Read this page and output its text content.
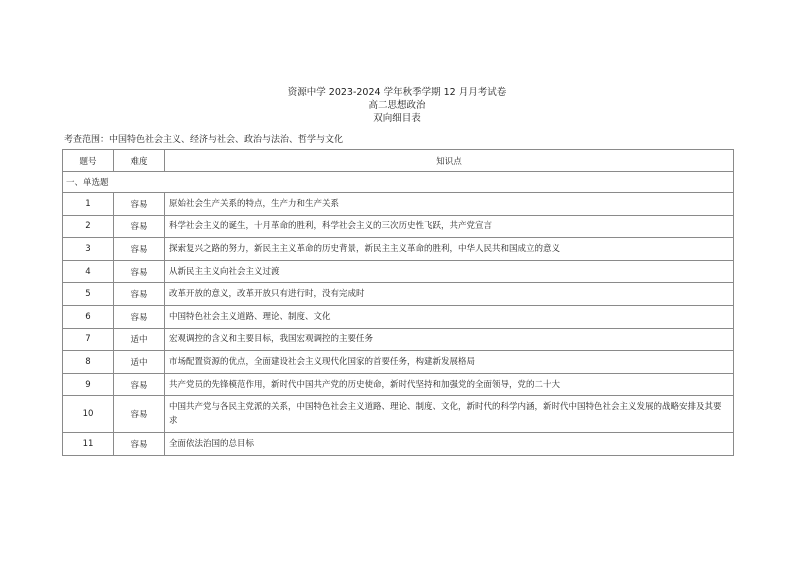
资源中学 2023-2024 学年秋季学期 12 月月考试卷
高二思想政治
双向细目表
考查范围：中国特色社会主义、经济与社会、政治与法治、哲学与文化
题号	难度	知识点
一、单选题		
1	容易	原始社会生产关系的特点，生产力和生产关系
2	容易	科学社会主义的诞生，十月革命的胜利，科学社会主义的三次历史性飞跃，共产党宣言
3	容易	探索复兴之路的努力，新民主主义革命的历史背景，新民主主义革命的胜利，中华人民共和国成立的意义
4	容易	从新民主主义向社会主义过渡
5	容易	改革开放的意义，改革开放只有进行时，没有完成时
6	容易	中国特色社会主义道路、理论、制度、文化
7	适中	宏观调控的含义和主要目标，我国宏观调控的主要任务
8	适中	市场配置资源的优点，全面建设社会主义现代化国家的首要任务，构建新发展格局
9	容易	共产党员的先锋模范作用，新时代中国共产党的历史使命，新时代坚持和加强党的全面领导，党的二十大
10	容易	中国共产党与各民主党派的关系，中国特色社会主义道路、理论、制度、文化，新时代的科学内涵，新时代中国特色社会主义发展的战略安排及其要求
11	容易	全面依法治国的总目标
